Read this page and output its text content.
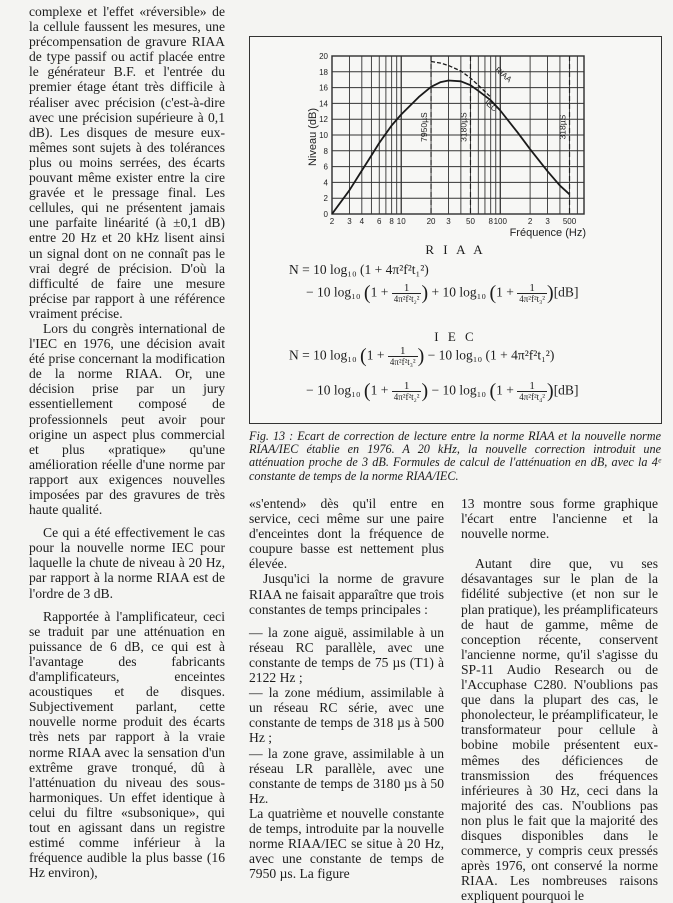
complexe et l'effet «réversible» de la cellule faussent les mesures, une précompensation de gravure RIAA de type passif ou actif placée entre le générateur B.F. et l'entrée du premier étage étant très difficile à réaliser avec précision (c'est-à-dire avec une précision supérieure à 0,1 dB). Les disques de mesure eux-mêmes sont sujets à des tolérances plus ou moins serrées, des écarts pouvant même exister entre la cire gravée et le pressage final. Les cellules, qui ne présentent jamais une parfaite linéarité (à ±0,1 dB) entre 20 Hz et 20 kHz lisent ainsi un signal dont on ne connaît pas le vrai degré de précision. D'où la difficulté de faire une mesure précise par rapport à une référence vraiment précise.

Lors du congrès international de l'IEC en 1976, une décision avait été prise concernant la modification de la norme RIAA. Or, une décision prise par un jury essentiellement composé de professionnels peut avoir pour origine un aspect plus commercial et plus «pratique» qu'une amélioration réelle d'une norme par rapport aux exigences nouvelles imposées par des gravures de très haute qualité.

Ce qui a été effectivement le cas pour la nouvelle norme IEC pour laquelle la chute de niveau à 20 Hz, par rapport à la norme RIAA est de l'ordre de 3 dB.

Rapportée à l'amplificateur, ceci se traduit par une atténuation en puissance de 6 dB, ce qui est à l'avantage des fabricants d'amplificateurs, enceintes acoustiques et de disques. Subjectivement parlant, cette nouvelle norme produit des écarts très nets par rapport à la vraie norme RIAA avec la sensation d'un extrême grave tronqué, dû à l'atténuation du niveau des sous-harmoniques. Un effet identique à celui du filtre «subsonique», qui tout en agissant dans un registre estimé comme inférieur à la fréquence audible la plus basse (16 Hz environ),

0
2
4
6
8
10
12
14
16
18
20
2 3 4 6 8 10	20 3 50 8 100	2 3 500
RIAA
IEC
7950µS	3180µS	318µS
Niveau (dB)
Fréquence (Hz)
R I A A
N = 10 log₁₀ (1 + 4π²f²t₁²)
− 10 log₁₀ ($1 + \frac{1}{\text{4π²f²t₂²}}$ ) + 10 log₁₀ $(1 + \frac{1}{\text{4π²f²t₃²}} )[dB]$
I E C
N = 10 log₁₀ ($1 + \frac{1}{\text{4π²f²t₃²}}$ ) − 10 log₁₀ (1 + 4π²f²t₁²)
− 10 log₁₀ ($1 + \frac{1}{\text{4π²f²t₂²}}$ ) − 10 log₁₀ $(1 + \frac{1}{\text{4π²f²t₄²}} )[dB]$
Fig. 13 : Ecart de correction de lecture entre la norme RIAA et la nouvelle norme RIAA/IEC établie en 1976. A 20 kHz, la nouvelle correction introduit une atténuation proche de 3 dB. Formules de calcul de l'atténuation en dB, avec la 4ᵉ constante de temps de la norme RIAA/IEC.

«s'entend» dès qu'il entre en service, ceci même sur une paire d'enceintes dont la fréquence de coupure basse est nettement plus élevée.

Jusqu'ici la norme de gravure RIAA ne faisait apparaître que trois constantes de temps principales :

— la zone aiguë, assimilable à un réseau RC parallèle, avec une constante de temps de 75 µs (T1) à 2122 Hz ;

— la zone médium, assimilable à un réseau RC série, avec une constante de temps de 318 µs à 500 Hz ;

— la zone grave, assimilable à un réseau LR parallèle, avec une constante de temps de 3180 µs à 50 Hz.

La quatrième et nouvelle constante de temps, introduite par la nouvelle norme RIAA/IEC se situe à 20 Hz, avec une constante de temps de 7950 µs. La figure

13 montre sous forme graphique l'écart entre l'ancienne et la nouvelle norme.

Autant dire que, vu ses désavantages sur le plan de la fidélité subjective (et non sur le plan pratique), les préamplificateurs de haut de gamme, même de conception récente, conservent l'ancienne norme, qu'il s'agisse du SP-11 Audio Research ou de l'Accuphase C280. N'oublions pas que dans la plupart des cas, le phonolecteur, le préamplificateur, le transformateur pour cellule à bobine mobile présentent eux-mêmes des déficiences de transmission des fréquences inférieures à 30 Hz, ceci dans la majorité des cas. N'oublions pas non plus le fait que la majorité des disques disponibles dans le commerce, y compris ceux pressés après 1976, ont conservé la norme RIAA. Les nombreuses raisons expliquent pourquoi le
